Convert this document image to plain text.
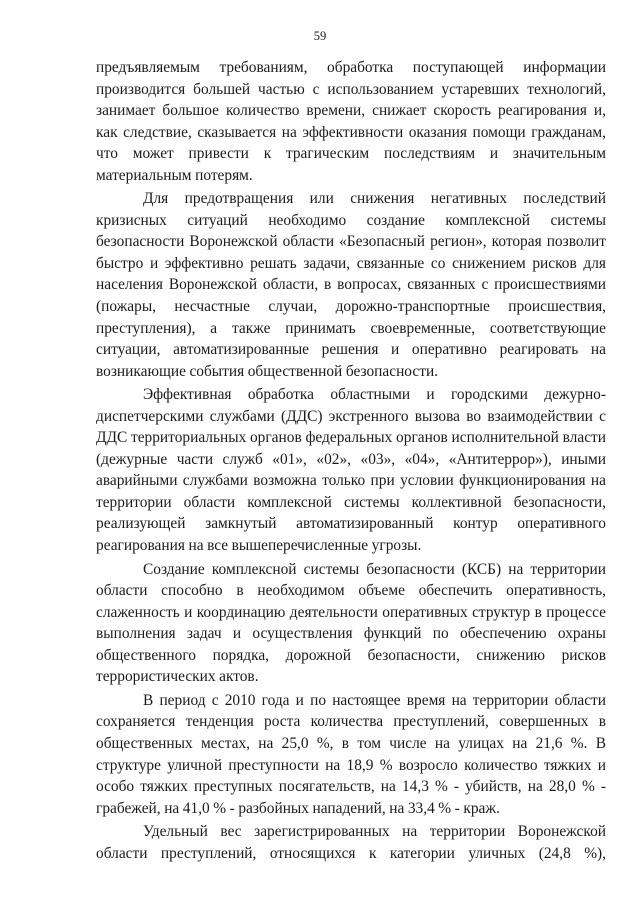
59

предъявляемым требованиям, обработка поступающей информации производится большей частью с использованием устаревших технологий, занимает большое количество времени, снижает скорость реагирования и, как следствие, сказывается на эффективности оказания помощи гражданам, что может привести к трагическим последствиям и значительным материальным потерям.

Для предотвращения или снижения негативных последствий кризисных ситуаций необходимо создание комплексной системы безопасности Воронежской области «Безопасный регион», которая позволит быстро и эффективно решать задачи, связанные со снижением рисков для населения Воронежской области, в вопросах, связанных с происшествиями (пожары, несчастные случаи, дорожно-транспортные происшествия, преступления), а также принимать своевременные, соответствующие ситуации, автоматизированные решения и оперативно реагировать на возникающие события общественной безопасности.

Эффективная обработка областными и городскими дежурно-диспетчерскими службами (ДДС) экстренного вызова во взаимодействии с ДДС территориальных органов федеральных органов исполнительной власти (дежурные части служб «01», «02», «03», «04», «Антитеррор»), иными аварийными службами возможна только при условии функционирования на территории области комплексной системы коллективной безопасности, реализующей замкнутый автоматизированный контур оперативного реагирования на все вышеперечисленные угрозы.

Создание комплексной системы безопасности (КСБ) на территории области способно в необходимом объеме обеспечить оперативность, слаженность и координацию деятельности оперативных структур в процессе выполнения задач и осуществления функций по обеспечению охраны общественного порядка, дорожной безопасности, снижению рисков террористических актов.

В период с 2010 года и по настоящее время на территории области сохраняется тенденция роста количества преступлений, совершенных в общественных местах, на 25,0 %, в том числе на улицах на 21,6 %. В структуре уличной преступности на 18,9 % возросло количество тяжких и особо тяжких преступных посягательств, на 14,3 % - убийств, на 28,0 % - грабежей, на 41,0 % - разбойных нападений, на 33,4 % - краж.

Удельный вес зарегистрированных на территории Воронежской области преступлений, относящихся к категории уличных (24,8 %),
